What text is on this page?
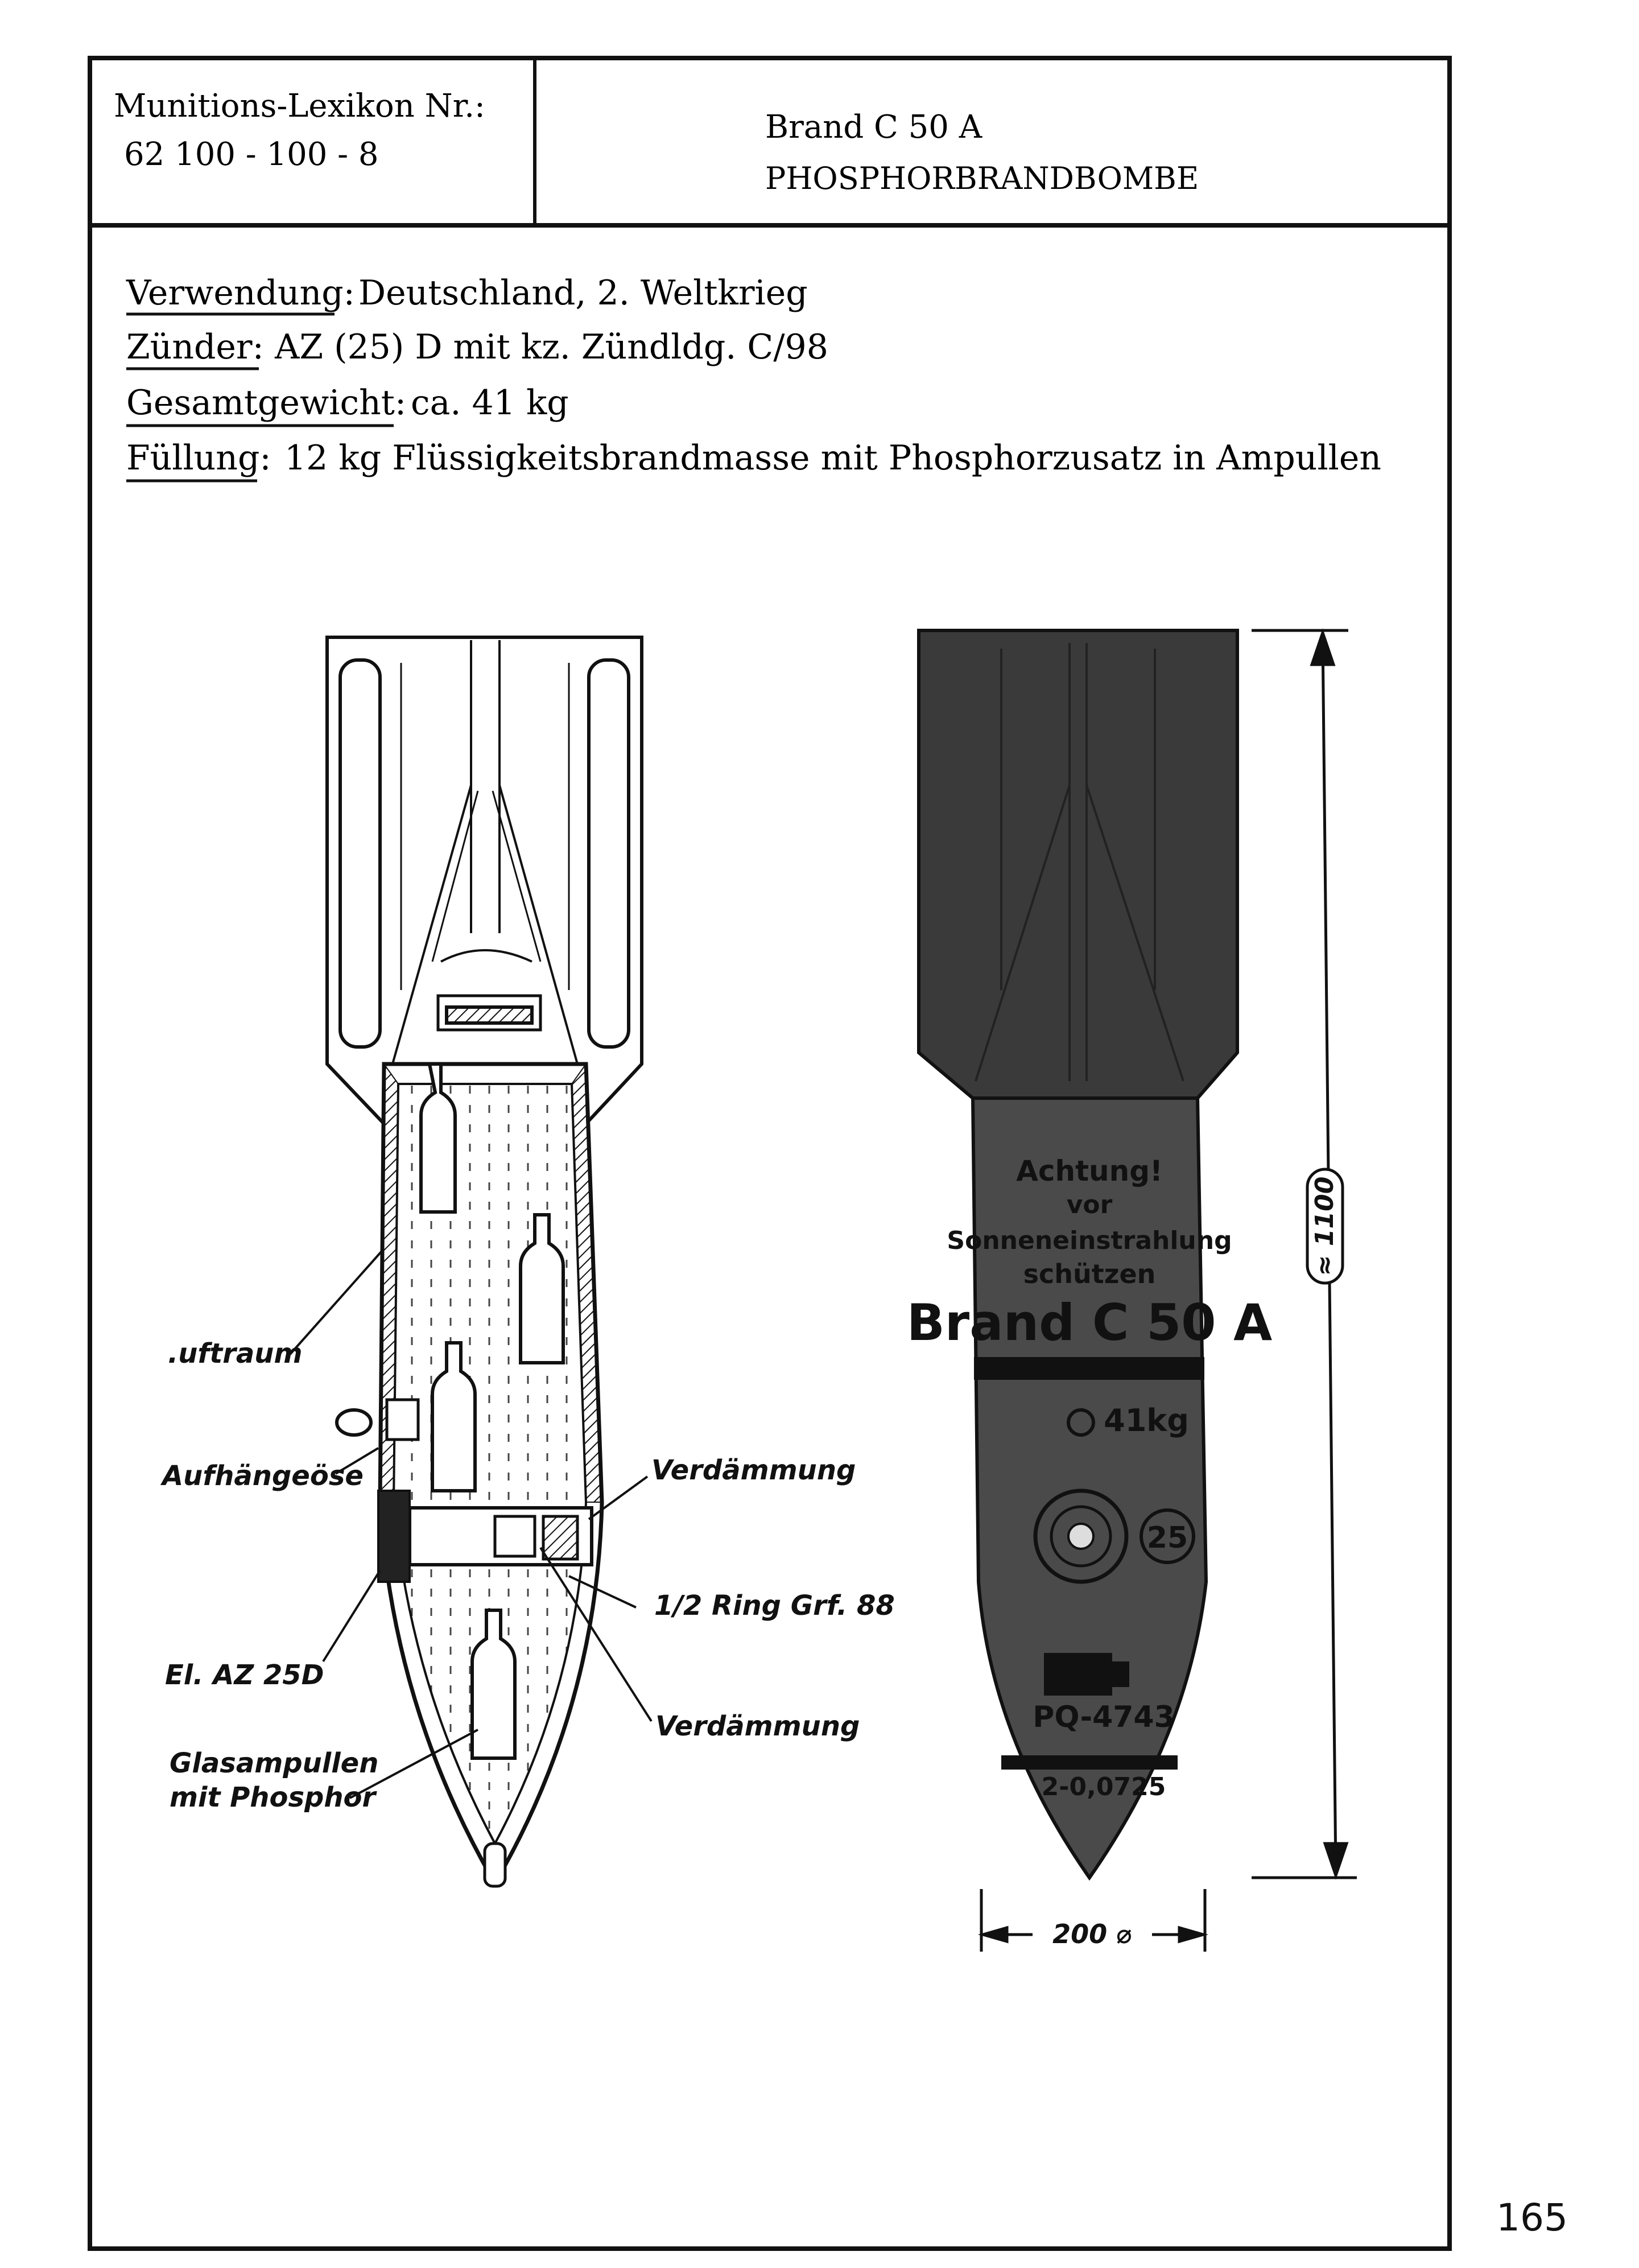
Munitions-Lexikon Nr.:
62 100 - 100 - 8
Brand C 50 A
PHOSPHORBRANDBOMBE
Verwendung: Deutschland, 2. Weltkrieg
Zünder: AZ (25) D mit kz. Zündldg. C/98
Gesamtgewicht: ca. 41 kg
Füllung: 12 kg Flüssigkeitsbrandmasse mit Phosphorzusatz in Ampullen
.uftraum
Aufhängeöse	Verdämmung
1/2 Ring Grf. 88
El. AZ 25D
Verdämmung
Glasampullen
mit Phosphor
Achtung!
vor
Sonneneinstrahlung
schützen
Brand C 50 A
41kg
25
PQ-4743
2-0,0725
≈ 1100
200 ⌀
165
